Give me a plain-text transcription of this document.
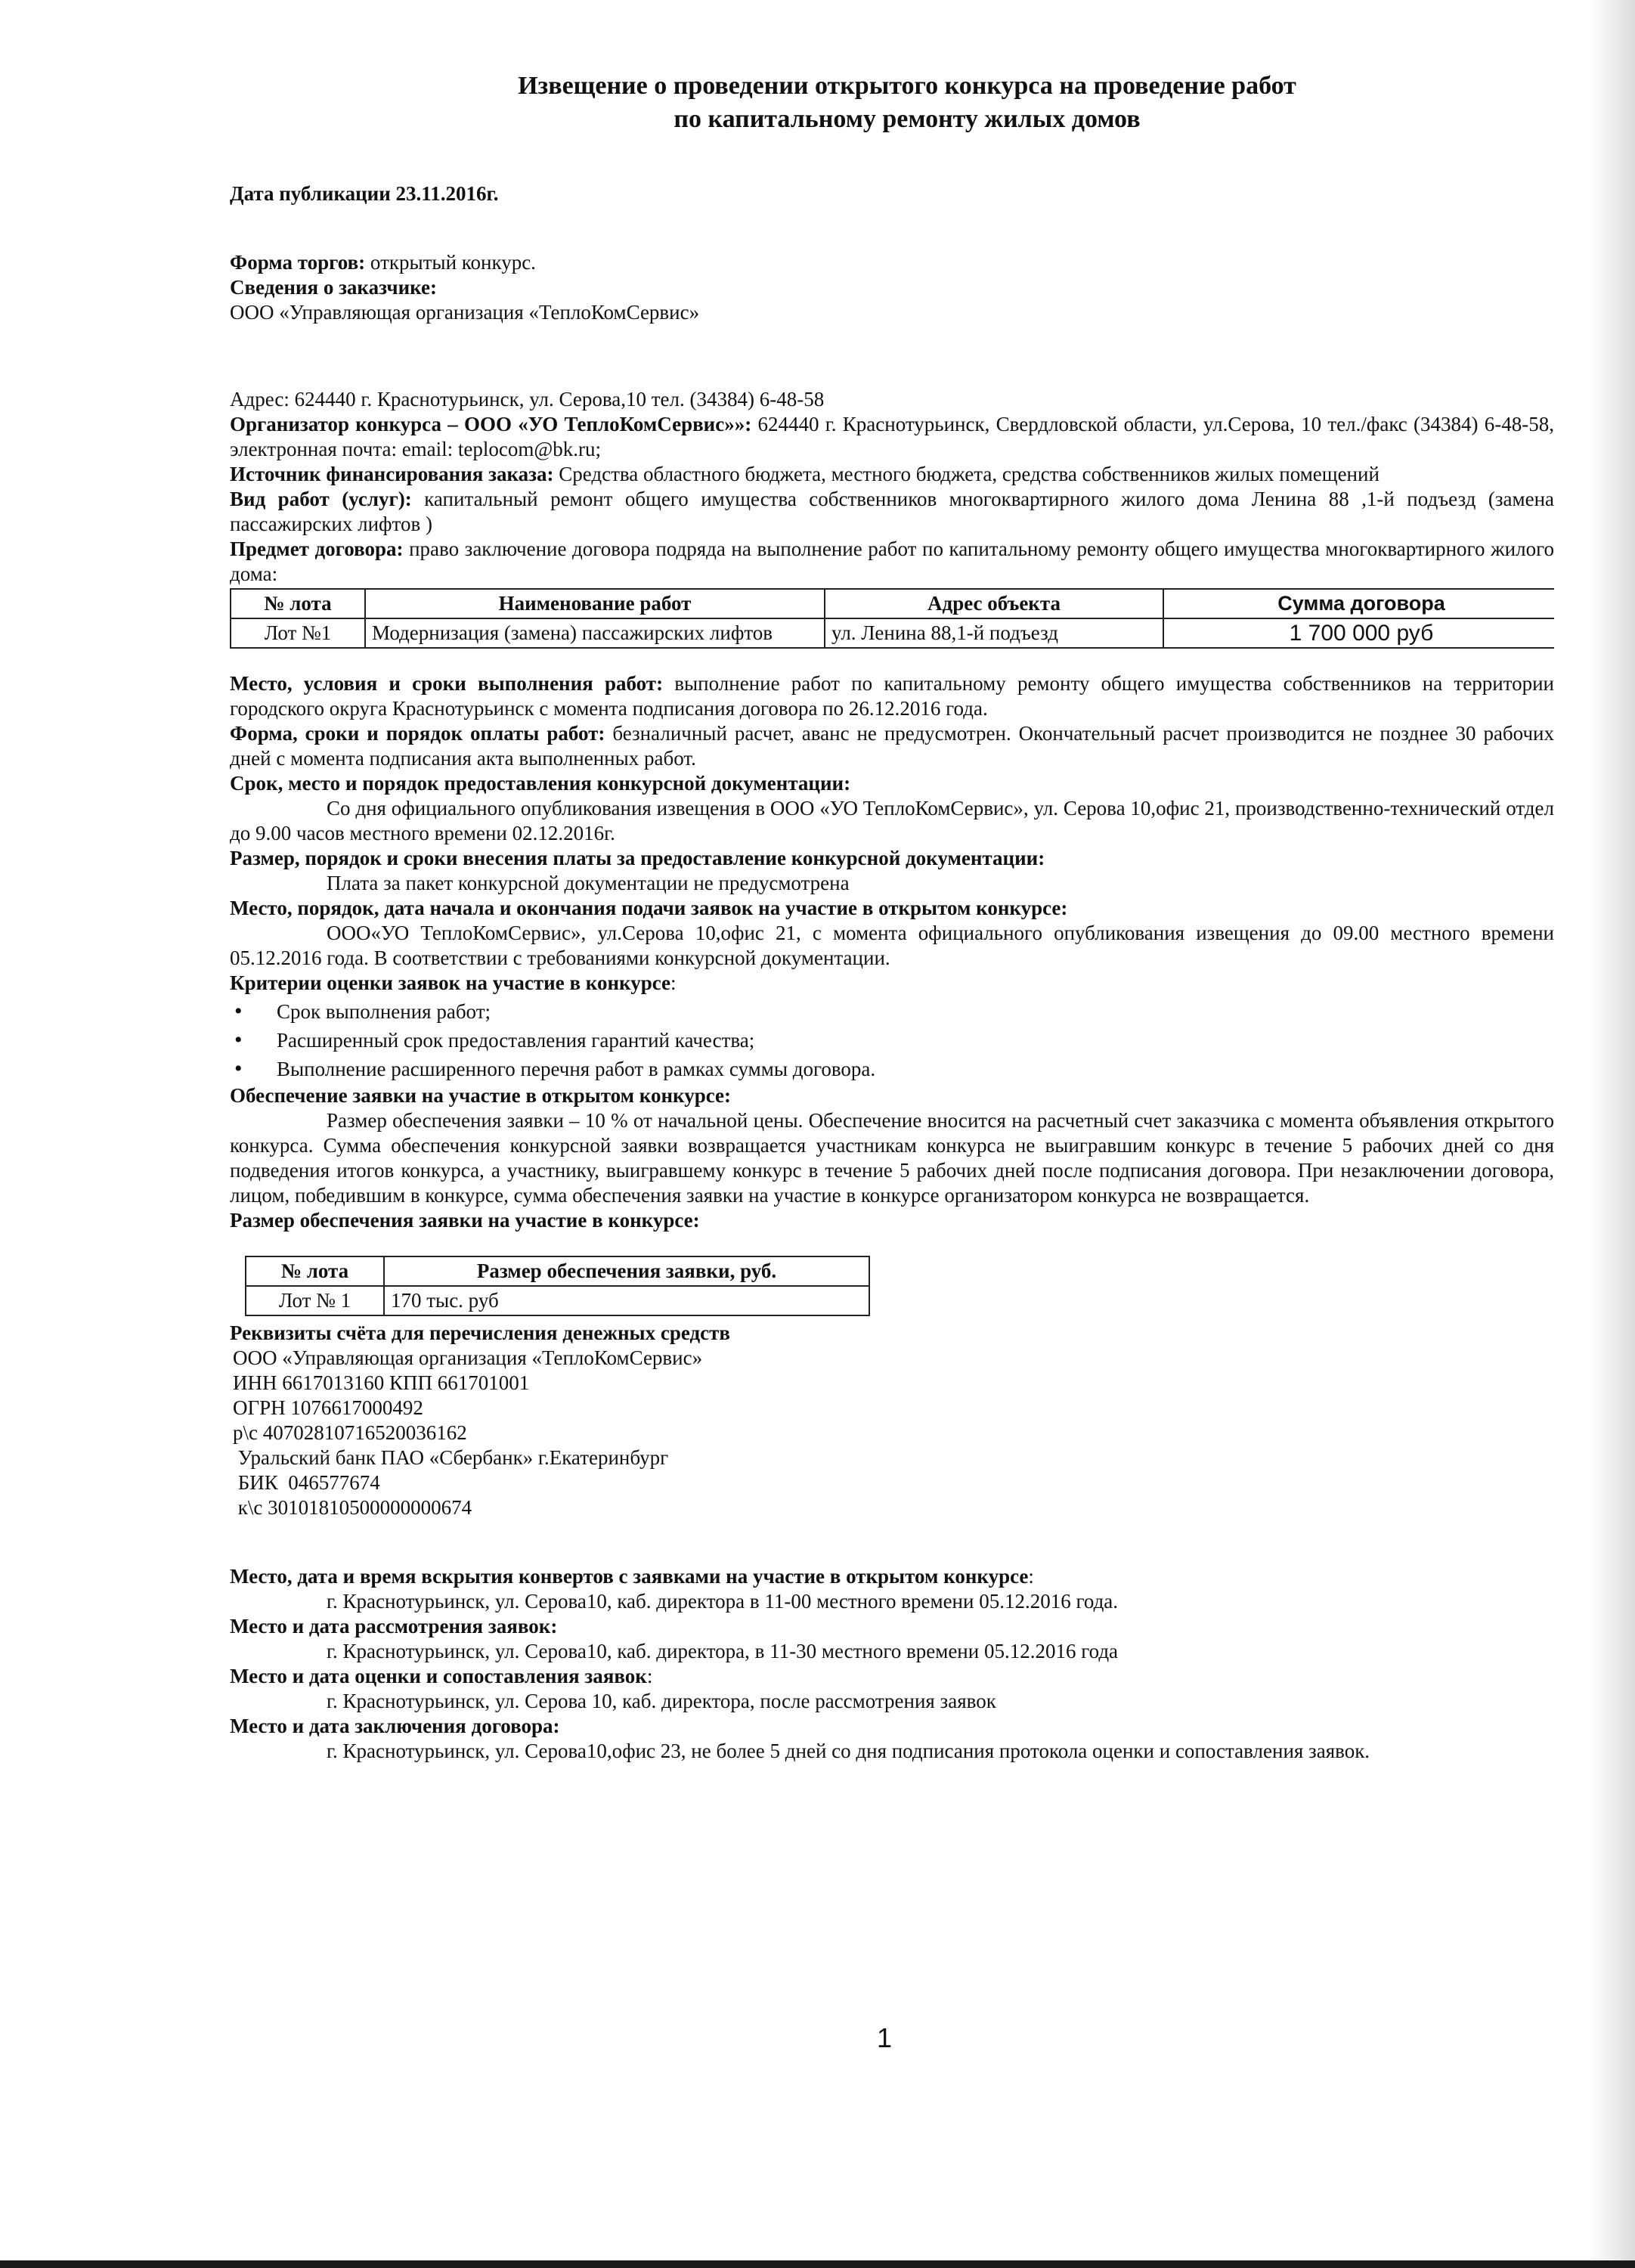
Извещение о проведении открытого конкурса на проведение работ
по капитальному ремонту жилых домов

Дата публикации 23.11.2016г.

Форма торгов: открытый конкурс.

Сведения о заказчике:

ООО «Управляющая организация «ТеплоКомСервис»

Адрес: 624440 г. Краснотурьинск, ул. Серова,10 тел. (34384) 6-48-58

Организатор конкурса – ООО «УО ТеплоКомСервис»»: 624440 г. Краснотурьинск, Свердловской области, ул.Серова, 10 тел./факс (34384) 6-48-58, электронная почта: email: teplocom@bk.ru;

Источник финансирования заказа: Средства областного бюджета, местного бюджета, средства собственников жилых помещений

Вид работ (услуг): капитальный ремонт общего имущества собственников многоквартирного жилого дома Ленина 88 ,1-й подъезд (замена пассажирских лифтов )

Предмет договора: право заключение договора подряда на выполнение работ по капитальному ремонту общего имущества многоквартирного жилого дома:

№ лота	Наименование работ	Адрес объекта	Сумма договора
Лот №1	Модернизация (замена) пассажирских лифтов	ул. Ленина 88,1-й подъезд	1 700 000 руб

Место, условия и сроки выполнения работ: выполнение работ по капитальному ремонту общего имущества собственников на территории городского округа Краснотурьинск с момента подписания договора по 26.12.2016 года.

Форма, сроки и порядок оплаты работ: безналичный расчет, аванс не предусмотрен. Окончательный расчет производится не позднее 30 рабочих дней с момента подписания акта выполненных работ.

Срок, место и порядок предоставления конкурсной документации:

Со дня официального опубликования извещения в ООО «УО ТеплоКомСервис», ул. Серова 10,офис 21, производственно-технический отдел до 9.00 часов местного времени 02.12.2016г.

Размер, порядок и сроки внесения платы за предоставление конкурсной документации:

Плата за пакет конкурсной документации не предусмотрена

Место, порядок, дата начала и окончания подачи заявок на участие в открытом конкурсе:

ООО«УО ТеплоКомСервис», ул.Серова 10,офис 21, с момента официального опубликования извещения до 09.00 местного времени 05.12.2016 года. В соответствии с требованиями конкурсной документации.

Критерии оценки заявок на участие в конкурсе:

• Срок выполнения работ;
• Расширенный срок предоставления гарантий качества;
• Выполнение расширенного перечня работ в рамках суммы договора.

Обеспечение заявки на участие в открытом конкурсе:

Размер обеспечения заявки – 10 % от начальной цены. Обеспечение вносится на расчетный счет заказчика с момента объявления открытого конкурса. Сумма обеспечения конкурсной заявки возвращается участникам конкурса не выигравшим конкурс в течение 5 рабочих дней со дня подведения итогов конкурса, а участнику, выигравшему конкурс в течение 5 рабочих дней после подписания договора. При незаключении договора, лицом, победившим в конкурсе, сумма обеспечения заявки на участие в конкурсе организатором конкурса не возвращается.

Размер обеспечения заявки на участие в конкурсе:

№ лота	Размер обеспечения заявки, руб.
Лот № 1	170 тыс. руб

Реквизиты счёта для перечисления денежных средств

ООО «Управляющая организация «ТеплоКомСервис»

ИНН 6617013160 КПП 661701001

ОГРН 1076617000492

р\с 40702810716520036162

Уральский банк ПАО «Сбербанк» г.Екатеринбург

БИК  046577674

к\с 30101810500000000674

Место, дата и время вскрытия конвертов с заявками на участие в открытом конкурсе:

г. Краснотурьинск, ул. Серова10, каб. директора в 11-00 местного времени 05.12.2016 года.

Место и дата рассмотрения заявок:

г. Краснотурьинск, ул. Серова10, каб. директора, в 11-30 местного времени 05.12.2016 года

Место и дата оценки и сопоставления заявок:

г. Краснотурьинск, ул. Серова 10, каб. директора, после рассмотрения заявок

Место и дата заключения договора:

г. Краснотурьинск, ул. Серова10,офис 23, не более 5 дней со дня подписания протокола оценки и сопоставления заявок.

1
